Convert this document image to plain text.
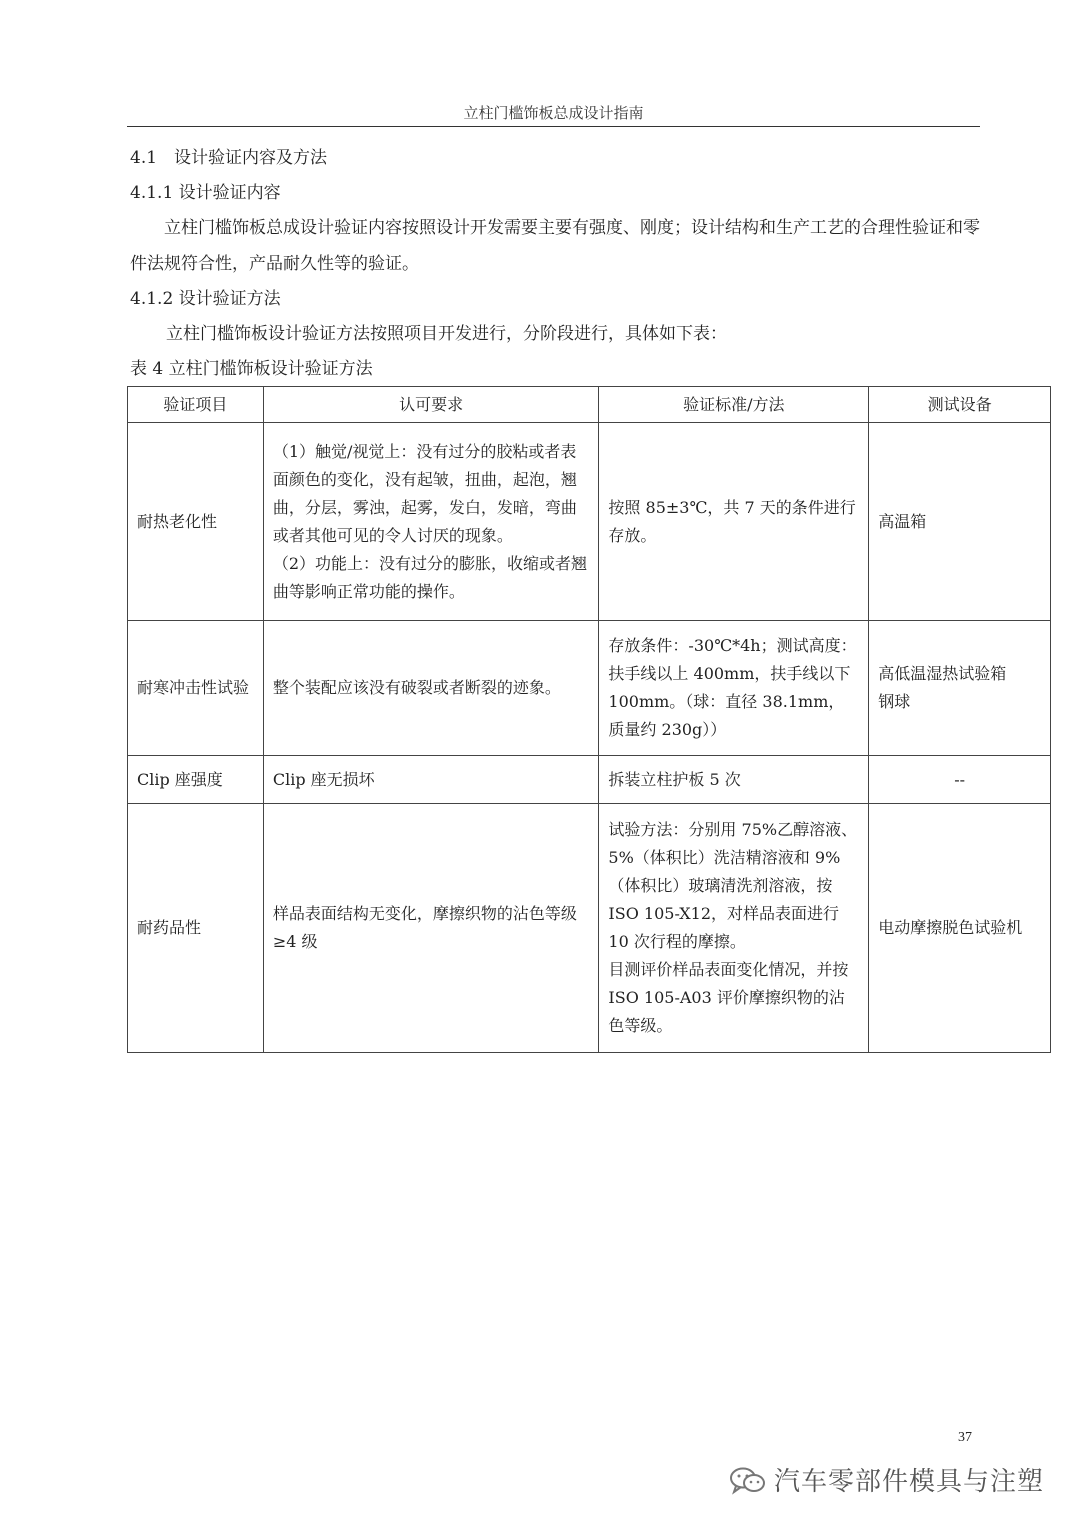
立柱门槛饰板总成设计指南
4.1　设计验证内容及方法
4.1.1 设计验证内容
立柱门槛饰板总成设计验证内容按照设计开发需要主要有强度、刚度；设计结构和生产工艺的合理性验证和零件法规符合性，产品耐久性等的验证。
4.1.2 设计验证方法
立柱门槛饰板设计验证方法按照项目开发进行，分阶段进行，具体如下表：
表 4 立柱门槛饰板设计验证方法
验证项目	认可要求	验证标准/方法	测试设备
耐热老化性	（1）触觉/视觉上：没有过分的胶粘或者表面颜色的变化，没有起皱，扭曲，起泡，翘曲，分层，雾浊，起雾，发白，发暗，弯曲或者其他可见的令人讨厌的现象。
（2）功能上：没有过分的膨胀，收缩或者翘曲等影响正常功能的操作。	按照 85±3℃，共 7 天的条件进行存放。	高温箱
耐寒冲击性试验	整个装配应该没有破裂或者断裂的迹象。	存放条件：-30℃*4h；测试高度：扶手线以上 400mm，扶手线以下 100mm。（球：直径 38.1mm，质量约 230g））	高低温湿热试验箱
钢球
Clip 座强度	Clip 座无损坏	拆装立柱护板 5 次	--
耐药品性	样品表面结构无变化，摩擦织物的沾色等级≥4 级	试验方法：分别用 75%乙醇溶液、5%（体积比）洗洁精溶液和 9%（体积比）玻璃清洗剂溶液，按 ISO 105-X12，对样品表面进行 10 次行程的摩擦。
目测评价样品表面变化情况，并按 ISO 105-A03 评价摩擦织物的沾色等级。	电动摩擦脱色试验机
37
汽车零部件模具与注塑
